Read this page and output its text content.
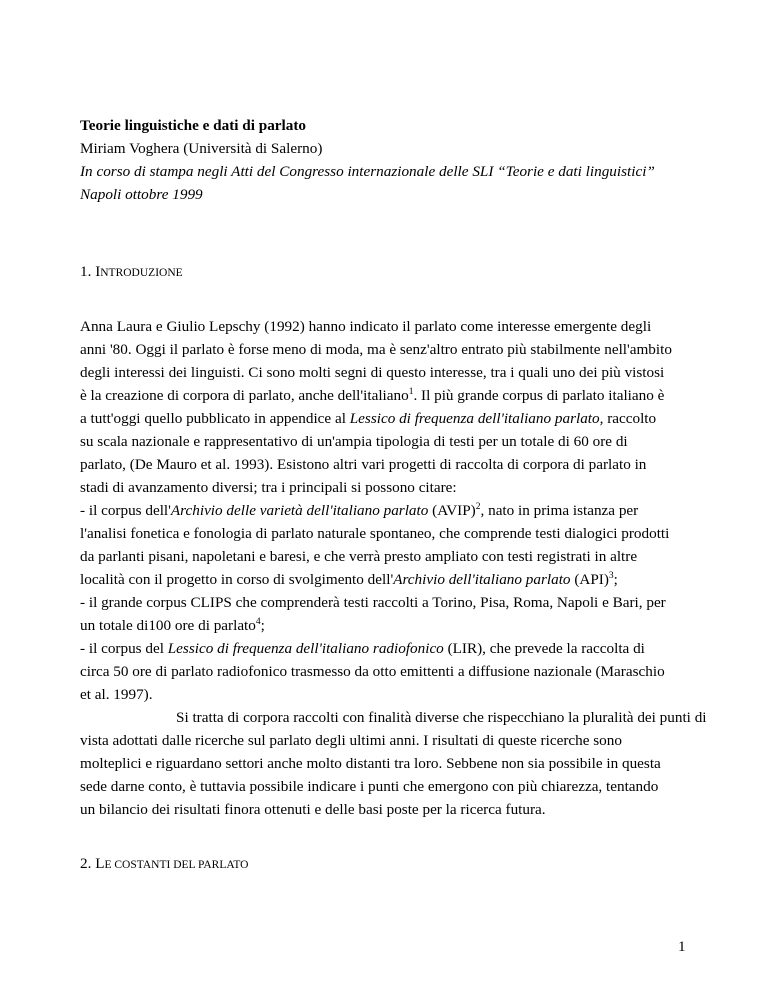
Teorie linguistiche e dati di parlato
Miriam Voghera (Università di Salerno)
In corso di stampa negli Atti del Congresso internazionale delle SLI “Teorie e dati linguistici”
Napoli ottobre 1999
1. INTRODUZIONE
Anna Laura e Giulio Lepschy (1992) hanno indicato il parlato come interesse emergente degli
anni '80. Oggi il parlato è forse meno di moda, ma è senz'altro entrato più stabilmente nell'ambito
degli interessi dei linguisti. Ci sono molti segni di questo interesse, tra i quali uno dei più vistosi
è la creazione di corpora di parlato, anche dell'italiano$^1$. Il più grande corpus di parlato italiano è
a tutt'oggi quello pubblicato in appendice al Lessico di frequenza dell'italiano parlato, raccolto
su scala nazionale e rappresentativo di un'ampia tipologia di testi per un totale di 60 ore di
parlato, (De Mauro et al. 1993). Esistono altri vari progetti di raccolta di corpora di parlato in
stadi di avanzamento diversi; tra i principali si possono citare:
- il corpus dell'Archivio delle varietà dell'italiano parlato (AVIP)$^2$, nato in prima istanza per
l'analisi fonetica e fonologia di parlato naturale spontaneo, che comprende testi dialogici prodotti
da parlanti pisani, napoletani e baresi, e che verrà presto ampliato con testi registrati in altre
località con il progetto in corso di svolgimento dell'Archivio dell'italiano parlato (API)$^3$;
- il grande corpus CLIPS che comprenderà testi raccolti a Torino, Pisa, Roma, Napoli e Bari, per
un totale di100 ore di parlato$^4$;
- il corpus del Lessico di frequenza dell'italiano radiofonico (LIR), che prevede la raccolta di
circa 50 ore di parlato radiofonico trasmesso da otto emittenti a diffusione nazionale (Maraschio
et al. 1997).
Si tratta di corpora raccolti con finalità diverse che rispecchiano la pluralità dei punti di
vista adottati dalle ricerche sul parlato degli ultimi anni. I risultati di queste ricerche sono
molteplici e riguardano settori anche molto distanti tra loro. Sebbene non sia possibile in questa
sede darne conto, è tuttavia possibile indicare i punti che emergono con più chiarezza, tentando
un bilancio dei risultati finora ottenuti e delle basi poste per la ricerca futura.
2. LE COSTANTI DEL PARLATO
1
